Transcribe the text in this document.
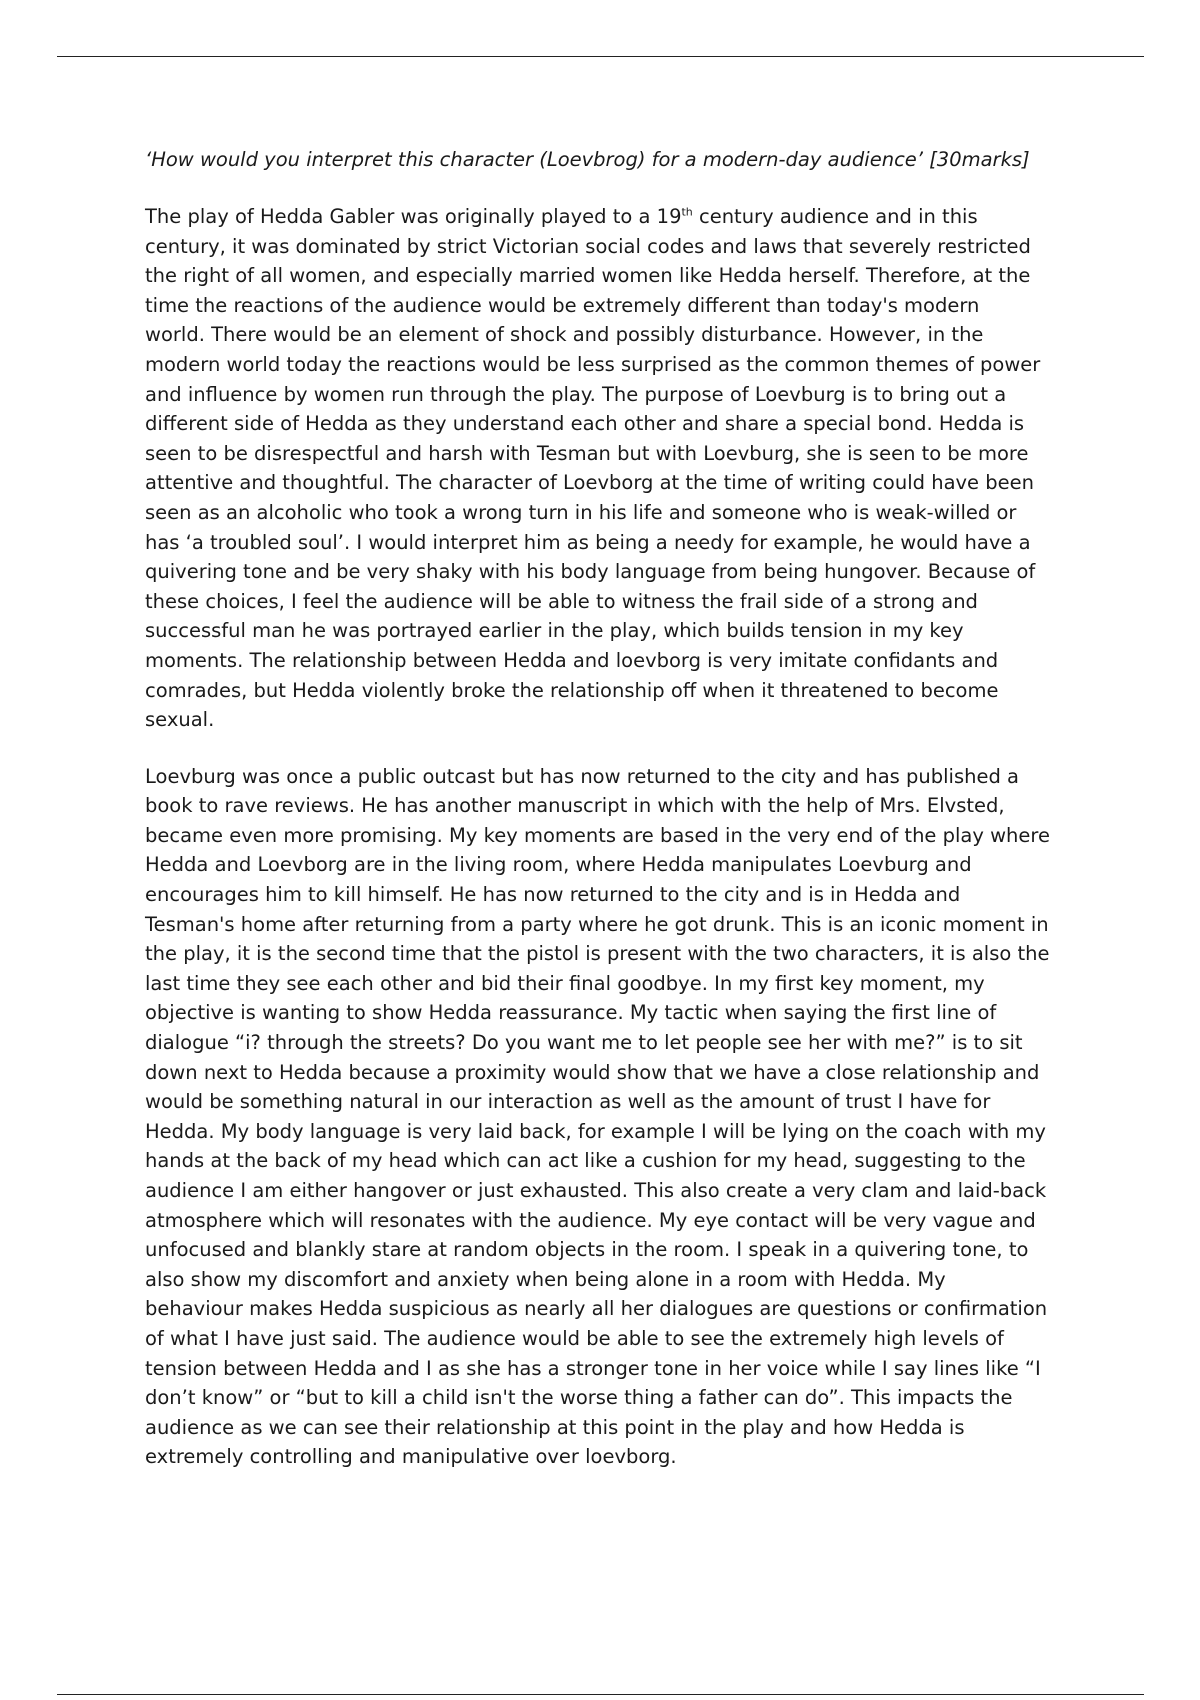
‘How would you interpret this character (Loevbrog) for a modern-day audience’ [30marks]

The play of Hedda Gabler was originally played to a 19th century audience and in this
century, it was dominated by strict Victorian social codes and laws that severely restricted
the right of all women, and especially married women like Hedda herself. Therefore, at the
time the reactions of the audience would be extremely different than today's modern
world. There would be an element of shock and possibly disturbance. However, in the
modern world today the reactions would be less surprised as the common themes of power
and influence by women run through the play. The purpose of Loevburg is to bring out a
different side of Hedda as they understand each other and share a special bond. Hedda is
seen to be disrespectful and harsh with Tesman but with Loevburg, she is seen to be more
attentive and thoughtful. The character of Loevborg at the time of writing could have been
seen as an alcoholic who took a wrong turn in his life and someone who is weak-willed or
has ‘a troubled soul’. I would interpret him as being a needy for example, he would have a
quivering tone and be very shaky with his body language from being hungover. Because of
these choices, I feel the audience will be able to witness the frail side of a strong and
successful man he was portrayed earlier in the play, which builds tension in my key
moments. The relationship between Hedda and loevborg is very imitate confidants and
comrades, but Hedda violently broke the relationship off when it threatened to become
sexual.

Loevburg was once a public outcast but has now returned to the city and has published a
book to rave reviews. He has another manuscript in which with the help of Mrs. Elvsted,
became even more promising. My key moments are based in the very end of the play where
Hedda and Loevborg are in the living room, where Hedda manipulates Loevburg and
encourages him to kill himself. He has now returned to the city and is in Hedda and
Tesman's home after returning from a party where he got drunk. This is an iconic moment in
the play, it is the second time that the pistol is present with the two characters, it is also the
last time they see each other and bid their final goodbye. In my first key moment, my
objective is wanting to show Hedda reassurance. My tactic when saying the first line of
dialogue “i? through the streets? Do you want me to let people see her with me?” is to sit
down next to Hedda because a proximity would show that we have a close relationship and
would be something natural in our interaction as well as the amount of trust I have for
Hedda. My body language is very laid back, for example I will be lying on the coach with my
hands at the back of my head which can act like a cushion for my head, suggesting to the
audience I am either hangover or just exhausted. This also create a very clam and laid-back
atmosphere which will resonates with the audience. My eye contact will be very vague and
unfocused and blankly stare at random objects in the room. I speak in a quivering tone, to
also show my discomfort and anxiety when being alone in a room with Hedda. My
behaviour makes Hedda suspicious as nearly all her dialogues are questions or confirmation
of what I have just said. The audience would be able to see the extremely high levels of
tension between Hedda and I as she has a stronger tone in her voice while I say lines like “I
don’t know” or “but to kill a child isn't the worse thing a father can do”. This impacts the
audience as we can see their relationship at this point in the play and how Hedda is
extremely controlling and manipulative over loevborg.
